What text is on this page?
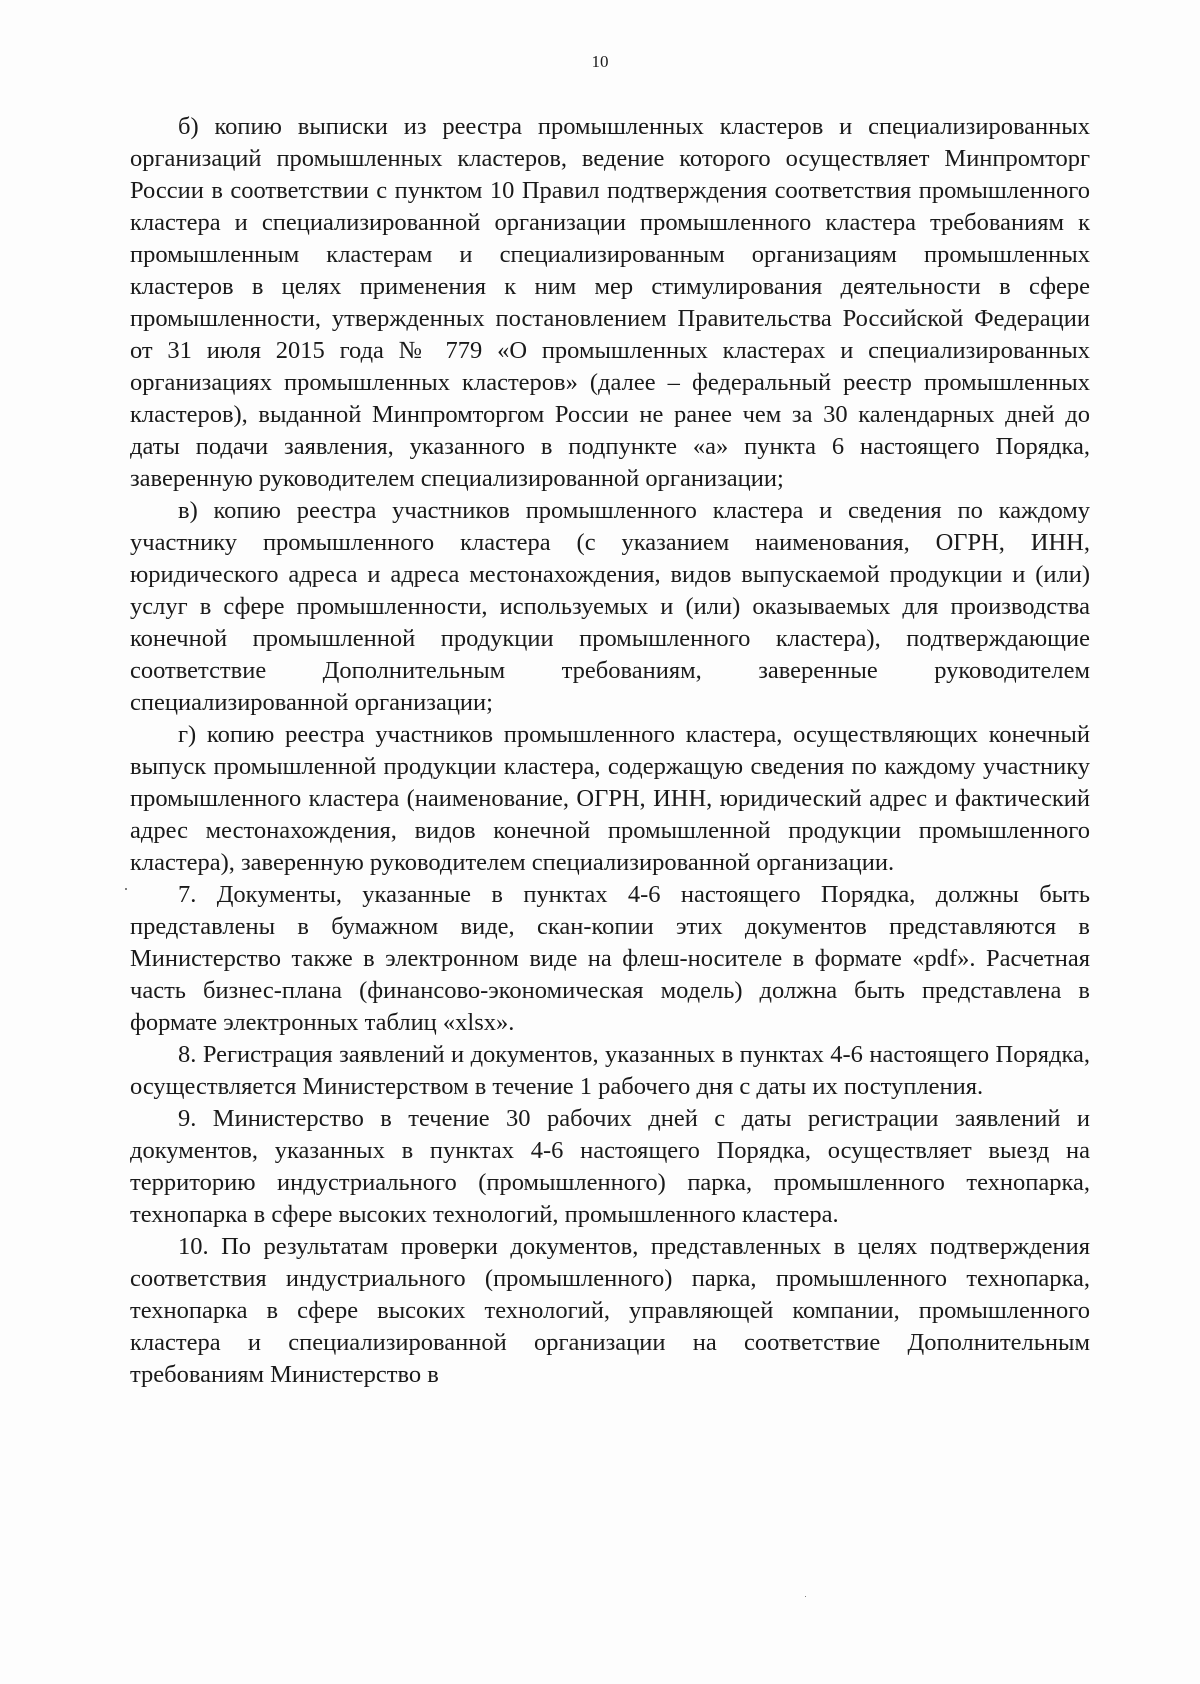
10

б) копию выписки из реестра промышленных кластеров и специализированных организаций промышленных кластеров, ведение которого осуществляет Минпромторг России в соответствии с пунктом 10 Правил подтверждения соответствия промышленного кластера и специализированной организации промышленного кластера требованиям к промышленным кластерам и специализированным организациям промышленных кластеров в целях применения к ним мер стимулирования деятельности в сфере промышленности, утвержденных постановлением Правительства Российской Федерации от 31 июля 2015 года № 779 «О промышленных кластерах и специализированных организациях промышленных кластеров» (далее – федеральный реестр промышленных кластеров), выданной Минпромторгом России не ранее чем за 30 календарных дней до даты подачи заявления, указанного в подпункте «а» пункта 6 настоящего Порядка, заверенную руководителем специализированной организации;

в) копию реестра участников промышленного кластера и сведения по каждому участнику промышленного кластера (с указанием наименования, ОГРН, ИНН, юридического адреса и адреса местонахождения, видов выпускаемой продукции и (или) услуг в сфере промышленности, используемых и (или) оказываемых для производства конечной промышленной продукции промышленного кластера), подтверждающие соответствие Дополнительным требованиям, заверенные руководителем специализированной организации;

г) копию реестра участников промышленного кластера, осуществляющих конечный выпуск промышленной продукции кластера, содержащую сведения по каждому участнику промышленного кластера (наименование, ОГРН, ИНН, юридический адрес и фактический адрес местонахождения, видов конечной промышленной продукции промышленного кластера), заверенную руководителем специализированной организации.

7. Документы, указанные в пунктах 4-6 настоящего Порядка, должны быть представлены в бумажном виде, скан-копии этих документов представляются в Министерство также в электронном виде на флеш-носителе в формате «pdf». Расчетная часть бизнес-плана (финансово-экономическая модель) должна быть представлена в формате электронных таблиц «xlsx».

8. Регистрация заявлений и документов, указанных в пунктах 4-6 настоящего Порядка, осуществляется Министерством в течение 1 рабочего дня с даты их поступления.

9. Министерство в течение 30 рабочих дней с даты регистрации заявлений и документов, указанных в пунктах 4-6 настоящего Порядка, осуществляет выезд на территорию индустриального (промышленного) парка, промышленного технопарка, технопарка в сфере высоких технологий, промышленного кластера.

10. По результатам проверки документов, представленных в целях подтверждения соответствия индустриального (промышленного) парка, промышленного технопарка, технопарка в сфере высоких технологий, управляющей компании, промышленного кластера и специализированной организации на соответствие Дополнительным требованиям Министерство в
